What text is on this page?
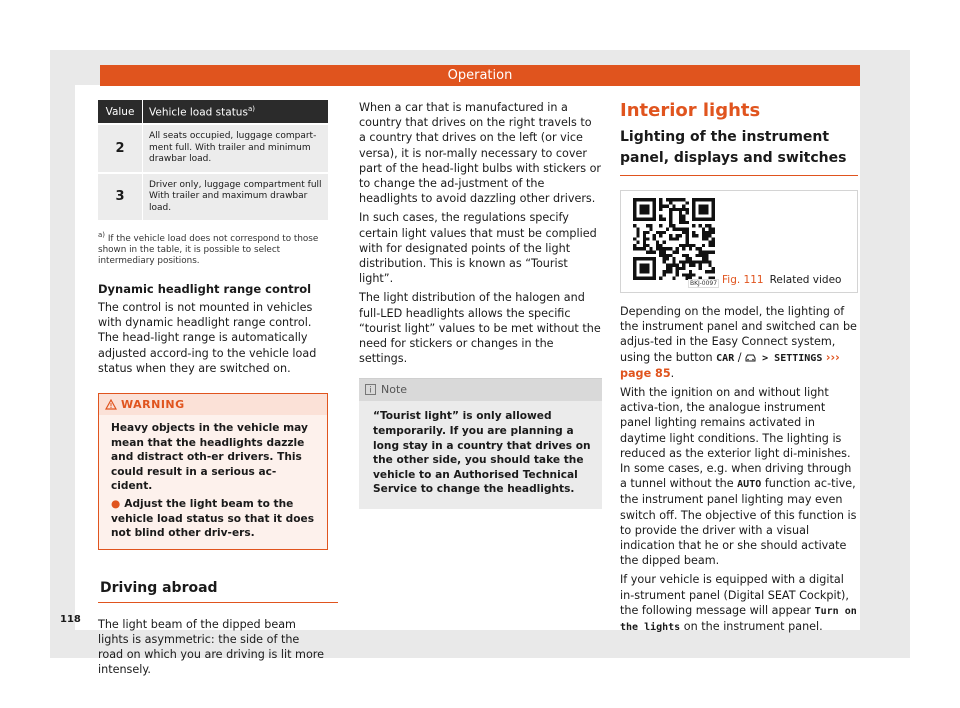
Operation
Value	Vehicle load status$^{a)}$

2	All seats occupied, luggage compart-ment full. With trailer and minimum drawbar load.

3	Driver only, luggage compartment full With trailer and maximum drawbar load.
$^{a)}$ If the vehicle load does not correspond to those shown in the table, it is possible to select intermediary positions.
Dynamic headlight range control

The control is not mounted in vehicles with dynamic headlight range control. The head-light range is automatically adjusted accord-ing to the vehicle load status when they are switched on.

WARNING
Heavy objects in the vehicle may mean that the headlights dazzle and distract oth-er drivers. This could result in a serious ac-cident.
● Adjust the light beam to the vehicle load status so that it does not blind other driv-ers.
Driving abroad

The light beam of the dipped beam lights is asymmetric: the side of the road on which you are driving is lit more intensely.

When a car that is manufactured in a country that drives on the right travels to a country that drives on the left (or vice versa), it is nor-mally necessary to cover part of the head-light bulbs with stickers or to change the ad-justment of the headlights to avoid dazzling other drivers.

In such cases, the regulations specify certain light values that must be complied with for designated points of the light distribution. This is known as “Tourist light”.

The light distribution of the halogen and full-LED headlights allows the specific “tourist light” values to be met without the need for stickers or changes in the settings.

Note
“Tourist light” is only allowed temporarily. If you are planning a long stay in a country that drives on the other side, you should take the vehicle to an Authorised Technical Service to change the headlights.
Interior lights
Lighting of the instrument panel, displays and switches
BKJ-0097 Fig. 111 Related video

Depending on the model, the lighting of the instrument panel and switched can be adjus-ted in the Easy Connect system, using the button CAR /  > SETTINGS ››› page 85.

With the ignition on and without light activa-tion, the analogue instrument panel lighting remains activated in daytime light conditions. The lighting is reduced as the exterior light di-minishes. In some cases, e.g. when driving through a tunnel without the AUTO function ac-tive, the instrument panel lighting may even switch off. The objective of this function is to provide the driver with a visual indication that he or she should activate the dipped beam.

If your vehicle is equipped with a digital in-strument panel (Digital SEAT Cockpit), the following message will appear Turn on the lights on the instrument panel.

118
